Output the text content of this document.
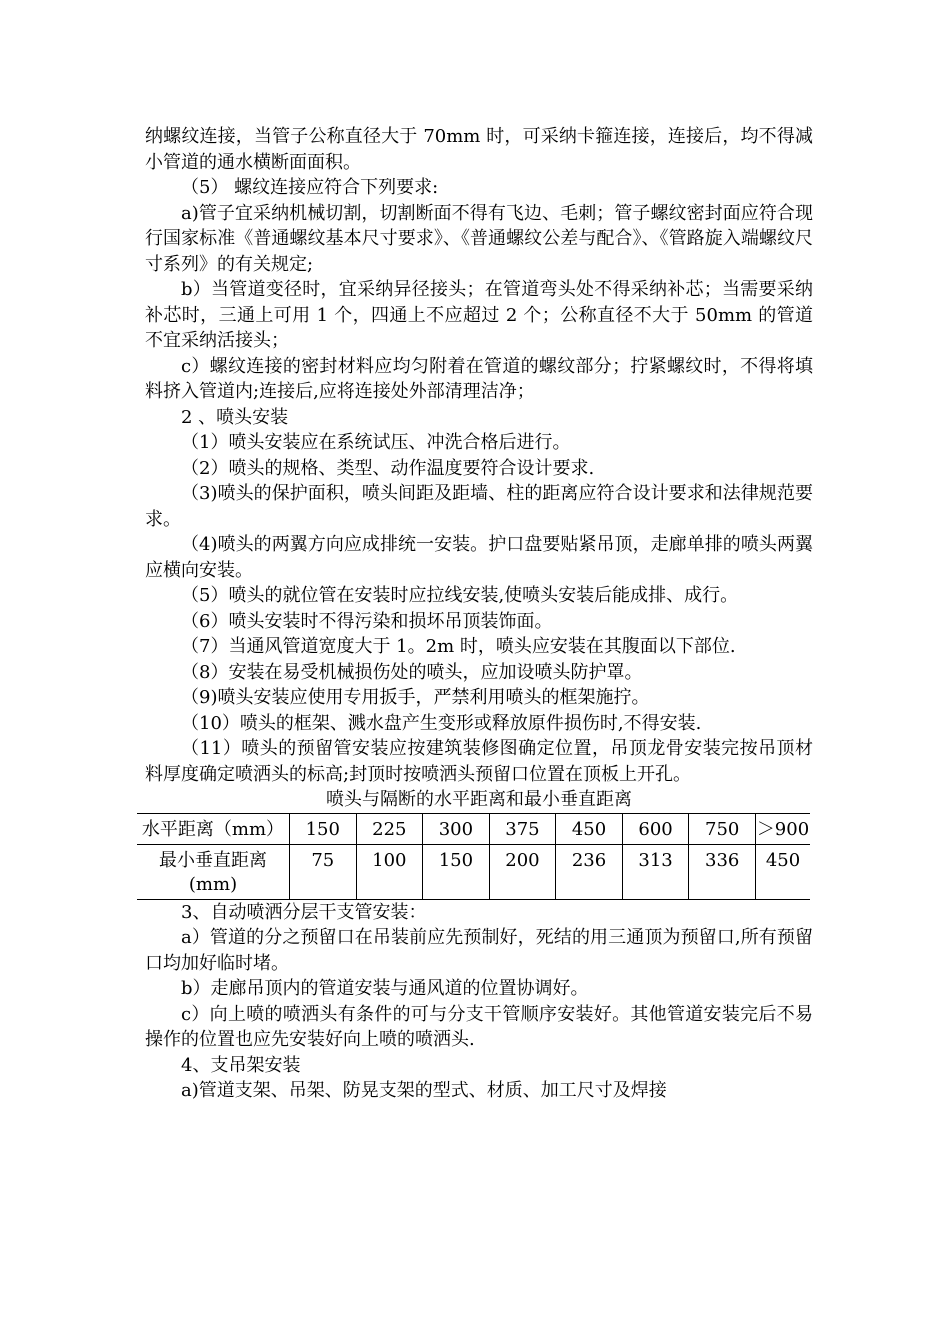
纳螺纹连接，当管子公称直径大于 70mm 时，可采纳卡箍连接，连接后，均不得减小管道的通水横断面面积。

（5） 螺纹连接应符合下列要求:

a)管子宜采纳机械切割，切割断面不得有飞边、毛刺；管子螺纹密封面应符合现行国家标准《普通螺纹基本尺寸要求》、《普通螺纹公差与配合》、《管路旋入端螺纹尺寸系列》的有关规定;

b）当管道变径时，宜采纳异径接头；在管道弯头处不得采纳补芯；当需要采纳补芯时，三通上可用 1 个，四通上不应超过 2 个；公称直径不大于 50mm 的管道不宜采纳活接头；

c）螺纹连接的密封材料应均匀附着在管道的螺纹部分；拧紧螺纹时，不得将填料挤入管道内;连接后,应将连接处外部清理洁净；

2 、喷头安装

（1）喷头安装应在系统试压、冲洗合格后进行。

（2）喷头的规格、类型、动作温度要符合设计要求.

（3)喷头的保护面积，喷头间距及距墙、柱的距离应符合设计要求和法律规范要求。

（4)喷头的两翼方向应成排统一安装。护口盘要贴紧吊顶，走廊单排的喷头两翼应横向安装。

（5）喷头的就位管在安装时应拉线安装,使喷头安装后能成排、成行。

（6）喷头安装时不得污染和损坏吊顶装饰面。

（7）当通风管道宽度大于 1。2m 时，喷头应安装在其腹面以下部位.

（8）安装在易受机械损伤处的喷头，应加设喷头防护罩。

（9)喷头安装应使用专用扳手，严禁利用喷头的框架施拧。

（10）喷头的框架、溅水盘产生变形或释放原件损伤时,不得安装.

（11）喷头的预留管安装应按建筑装修图确定位置，吊顶龙骨安装完按吊顶材料厚度确定喷洒头的标高;封顶时按喷洒头预留口位置在顶板上开孔。

喷头与隔断的水平距离和最小垂直距离

水平距离（mm）	150	225	300	375	450	600	750	＞900
最小垂直距离(mm)	75	100	150	200	236	313	336	450

3、自动喷洒分层干支管安装：

a）管道的分之预留口在吊装前应先预制好，死结的用三通顶为预留口,所有预留口均加好临时堵。

b）走廊吊顶内的管道安装与通风道的位置协调好。

c）向上喷的喷洒头有条件的可与分支干管顺序安装好。其他管道安装完后不易操作的位置也应先安装好向上喷的喷洒头.

4、支吊架安装

a)管道支架、吊架、防晃支架的型式、材质、加工尺寸及焊接
